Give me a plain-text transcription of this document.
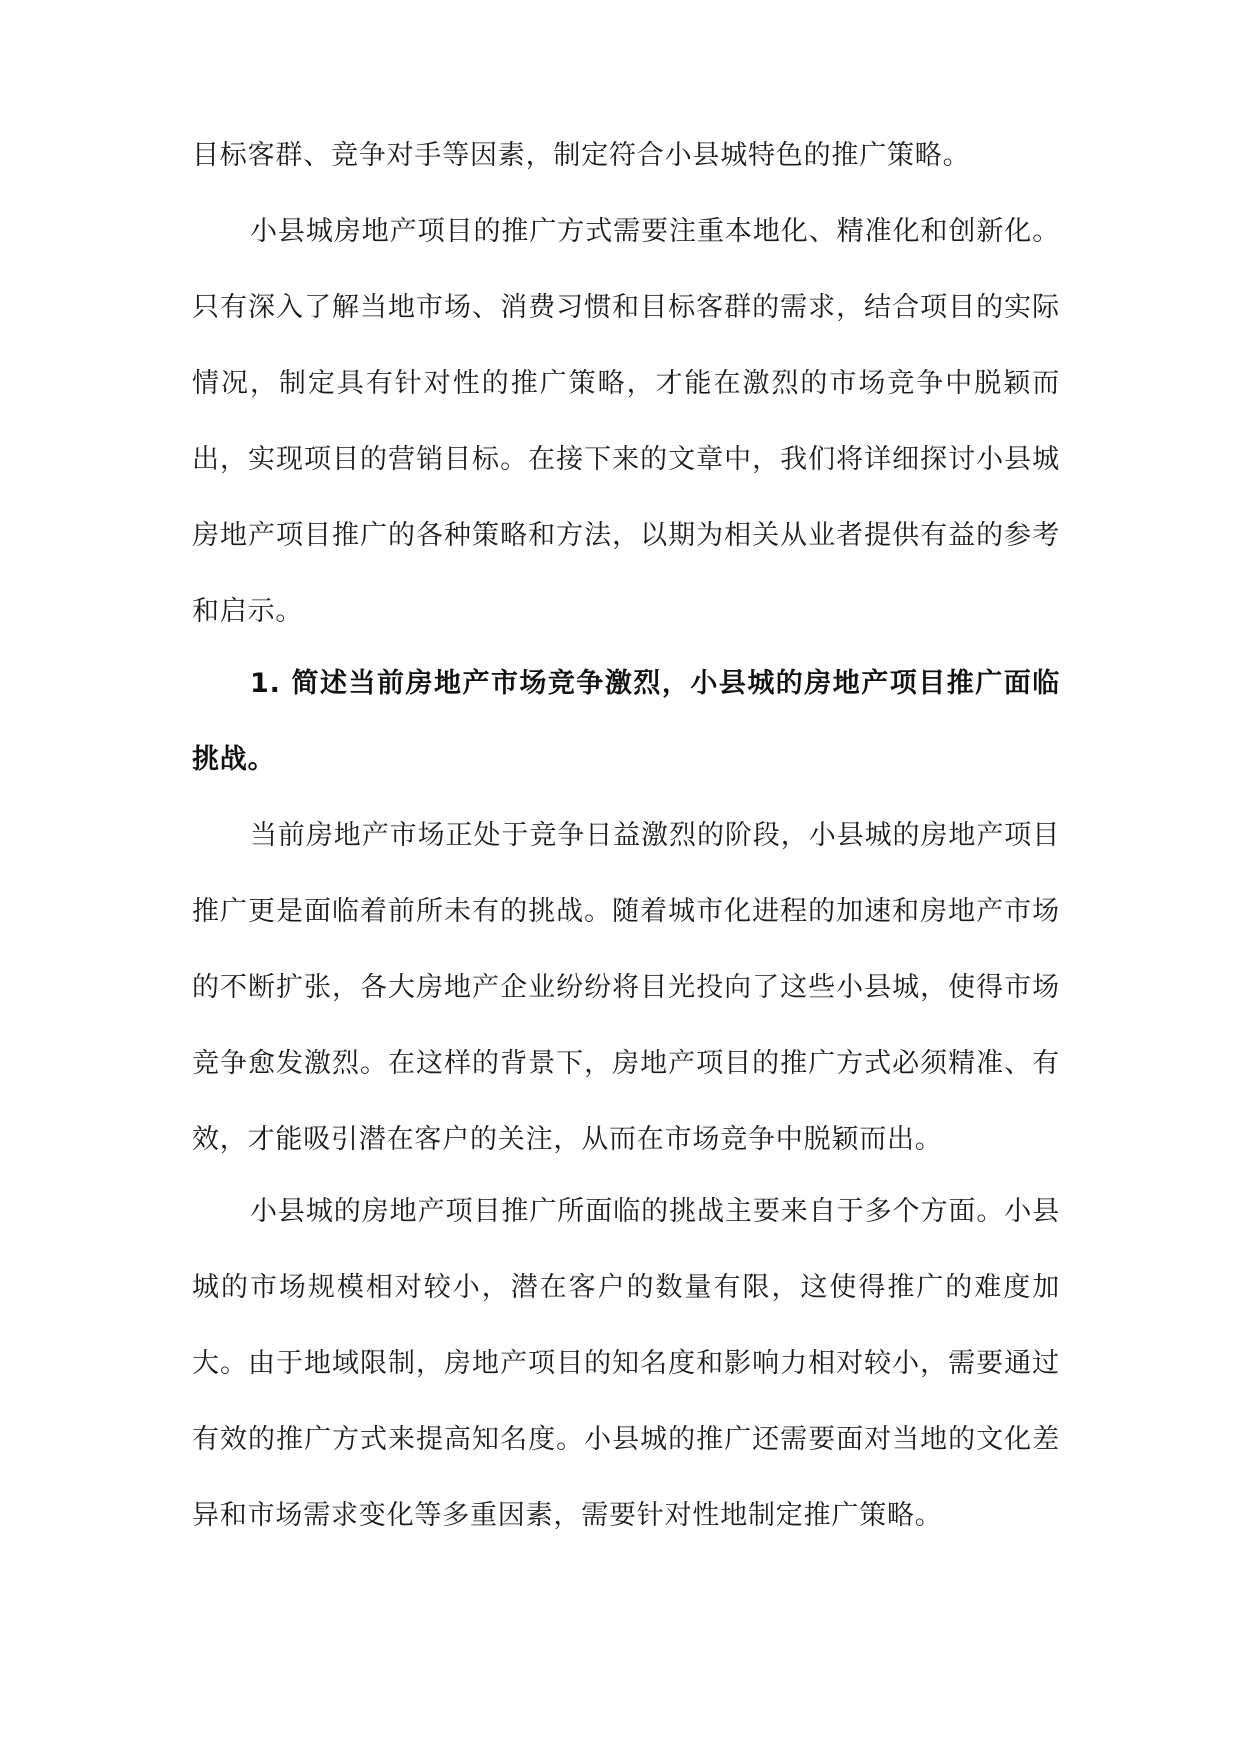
目标客群、竞争对手等因素，制定符合小县城特色的推广策略。

小县城房地产项目的推广方式需要注重本地化、精准化和创新化。只有深入了解当地市场、消费习惯和目标客群的需求，结合项目的实际情况，制定具有针对性的推广策略，才能在激烈的市场竞争中脱颖而出，实现项目的营销目标。在接下来的文章中，我们将详细探讨小县城房地产项目推广的各种策略和方法，以期为相关从业者提供有益的参考和启示。

1. 简述当前房地产市场竞争激烈，小县城的房地产项目推广面临挑战。

当前房地产市场正处于竞争日益激烈的阶段，小县城的房地产项目推广更是面临着前所未有的挑战。随着城市化进程的加速和房地产市场的不断扩张，各大房地产企业纷纷将目光投向了这些小县城，使得市场竞争愈发激烈。在这样的背景下，房地产项目的推广方式必须精准、有效，才能吸引潜在客户的关注，从而在市场竞争中脱颖而出。

小县城的房地产项目推广所面临的挑战主要来自于多个方面。小县城的市场规模相对较小，潜在客户的数量有限，这使得推广的难度加大。由于地域限制，房地产项目的知名度和影响力相对较小，需要通过有效的推广方式来提高知名度。小县城的推广还需要面对当地的文化差异和市场需求变化等多重因素，需要针对性地制定推广策略。
